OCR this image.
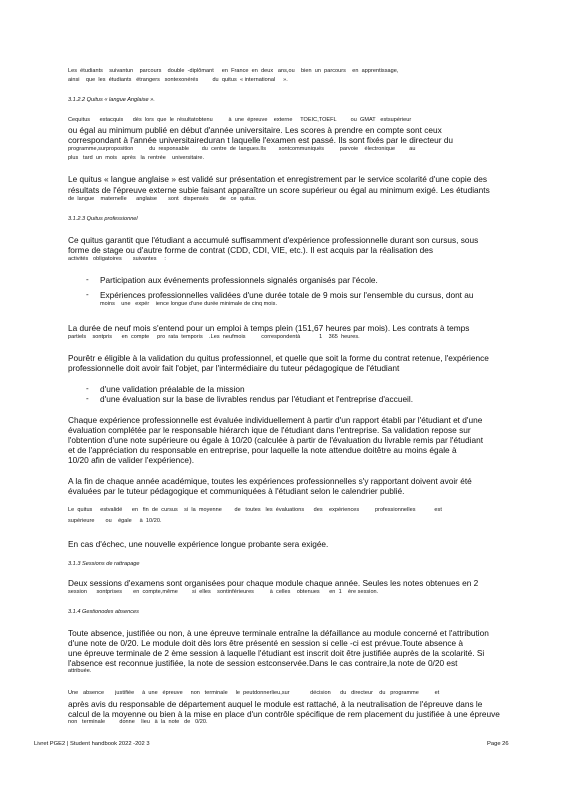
Les  étudiants    suivantun    parcours    double  -diplômant     en  France  en  deux   ans,ou    bien  un  parcours    en  apprentissage,
ainsi    que  les  étudiants   étrangers   sontexonérés         du  quitus  « international     ».
3.1.2.2 Quitus « langue Anglaise ».
Cequitus      estacquis      dès  lors  que  le  résultatobtenu          à  une  épreuve    externe     TOEIC,TOEFL         ou  GMAT   estsupérieur
ou égal au minimum publié en début d'année universitaire. Les scores à prendre en compte sont ceux
correspondant à l'année universitaireduran t laquelle l'examen est passé. Ils sont fixés par le directeur du
programme,surproposition          du  responsable        du  centre  de  langues.Ils        sontcommuniqués          parvoie    électronique         au
plus   tard  un  mois   après   la  rentrée    universitaire.
Le quitus « langue anglaise » est validé sur présentation et enregistrement par le service scolarité d'une copie des
résultats de l'épreuve externe subie faisant apparaître un score supérieur ou égal au minimum exigé. Les étudiants
de  langue    maternelle      anglaise       sont   dispensés       de   ce  quitus.
3.1.2.3 Quitus professionnel
Ce quitus garantit que l'étudiant a accumulé suffisamment d'expérience professionnelle durant son cursus, sous
forme de stage ou d'autre forme de contrat (CDD, CDI, VIE, etc.). Il est acquis par la réalisation des
activités   obligatoires       suivantes     :
Participation aux événements professionnels signalés organisés par l'école.
Expériences professionnelles validées d'une durée totale de 9 mois sur l'ensemble du cursus, dont au
moins    une   expér    ience longue d'une durée minimale de cinq mois.
La durée de neuf mois s'entend pour un emploi à temps plein (151,67 heures par mois). Les contrats à temps
partiels    sontpris      en  compte     pro  rata  temporis    .Les  neufmois          correspondentà            1    365  heures.
Pourêtr e éligible à la validation du quitus professionnel, et quelle que soit la forme du contrat retenue, l'expérience
professionnelle doit avoir fait l'objet, par l'intermédiaire du tuteur pédagogique de l'étudiant
d'une validation préalable de la mission
d'une évaluation sur la base de livrables rendus par l'étudiant et l'entreprise d'accueil.
Chaque expérience professionnelle est évaluée individuellement à partir d'un rapport établi par l'étudiant et d'une
évaluation complétée par le responsable hiérarch ique de l'étudiant dans l'entreprise. Sa validation repose sur
l'obtention d'une note supérieure ou égale à 10/20 (calculée à partir de l'évaluation du livrable remis par l'étudiant
et de l'appréciation du responsable en entreprise, pour laquelle la note attendue doitêtre au moins égale à
10/20 afin de valider l'expérience).
A la fin de chaque année académique, toutes les expériences professionnelles s'y rapportant doivent avoir été
évaluées par le tuteur pédagogique et communiquées à l'étudiant selon le calendrier publié.
Le  quitus     estvalidé      en   fin  de  cursus    si  la  moyenne        de   toutes   les  évaluations      des    expériences          professionnelles            est
supérieure       ou    égale     à  10/20.
En cas d'échec, une nouvelle expérience longue probante sera exigée.
3.1.3 Sessions de rattrapage
Deux sessions d'examens sont organisées pour chaque module chaque année. Seules les notes obtenues en 2
session      sontprises       en  compte,même         si  elles    sontinférieures          à  celles    obtenues      en  1    ère session.
3.1.4 Gestionodes absences
Toute absence, justifiée ou non, à une épreuve terminale entraîne la défaillance au module concerné et l'attribution
d'une note de 0/20. Le module doit dès lors être présenté en session si celle -ci est prévue.Toute absence à
une épreuve terminale de 2 ème session à laquelle l'étudiant est inscrit doit être justifiée auprès de la scolarité. Si
l'absence est reconnue justifiée, la note de session estconservée.Dans le cas contraire,la note de 0/20 est
attribuée.
Une   absence       justifiée     à  une   épreuve     non   terminale     le  peutdonnerlieu,sur             décision      du   directeur    du   programme          et
après avis du responsable de département auquel le module est rattaché, à la neutralisation de l'épreuve dans le
calcul de la moyenne ou bien à la mise en place d'un contrôle spécifique de rem placement du justifiée à une épreuve
non   terminale         donne    lieu   à  la  note   de   0/20.
-
-
-
-
Livret PGE2 | Student handbook 2022 -202 3	Page 26
